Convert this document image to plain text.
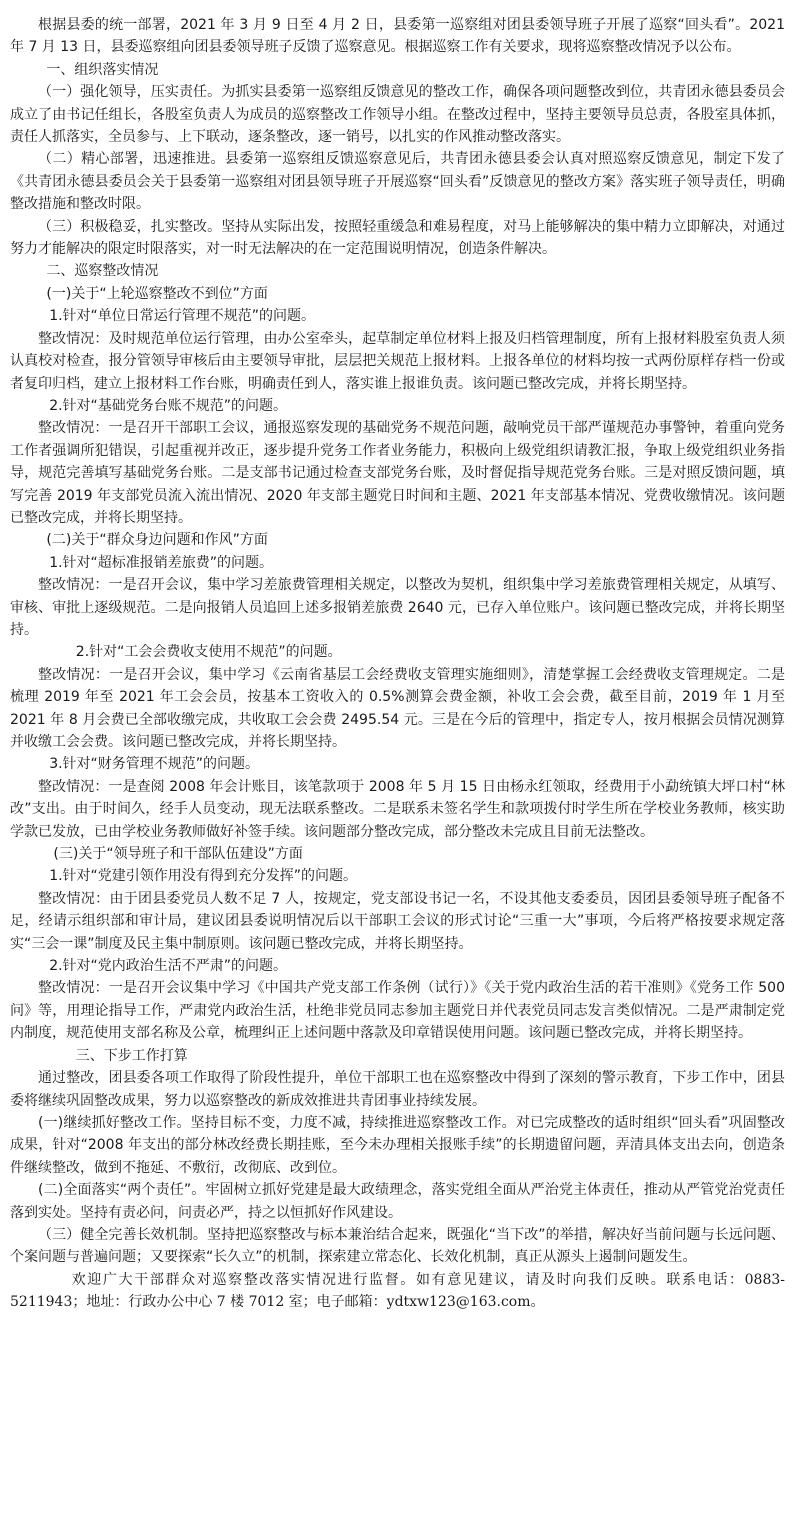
根据县委的统一部署，2021 年 3 月 9 日至 4 月 2 日，县委第一巡察组对团县委领导班子开展了巡察“回头看”。2021 年 7 月 13 日，县委巡察组向团县委领导班子反馈了巡察意见。根据巡察工作有关要求，现将巡察整改情况予以公布。

一、组织落实情况

（一）强化领导，压实责任。为抓实县委第一巡察组反馈意见的整改工作，确保各项问题整改到位，共青团永德县委员会成立了由书记任组长，各股室负责人为成员的巡察整改工作领导小组。在整改过程中，坚持主要领导员总责，各股室具体抓，责任人抓落实，全员参与、上下联动，逐条整改，逐一销号，以扎实的作风推动整改落实。

（二）精心部署，迅速推进。县委第一巡察组反馈巡察意见后，共青团永德县委会认真对照巡察反馈意见，制定下发了《共青团永德县委员会关于县委第一巡察组对团县领导班子开展巡察“回头看”反馈意见的整改方案》落实班子领导责任，明确整改措施和整改时限。

（三）积极稳妥，扎实整改。坚持从实际出发，按照轻重缓急和难易程度，对马上能够解决的集中精力立即解决，对通过努力才能解决的限定时限落实，对一时无法解决的在一定范围说明情况，创造条件解决。

二、巡察整改情况

(一)关于“上轮巡察整改不到位”方面

1.针对“单位日常运行管理不规范”的问题。

整改情况：及时规范单位运行管理，由办公室牵头，起草制定单位材料上报及归档管理制度，所有上报材料股室负责人须认真校对检查，报分管领导审核后由主要领导审批，层层把关规范上报材料。上报各单位的材料均按一式两份原样存档一份或者复印归档，建立上报材料工作台账，明确责任到人，落实谁上报谁负责。该问题已整改完成，并将长期坚持。

2.针对“基础党务台账不规范”的问题。

整改情况：一是召开干部职工会议，通报巡察发现的基础党务不规范问题，敲响党员干部严谨规范办事警钟，着重向党务工作者强调所犯错误，引起重视并改正，逐步提升党务工作者业务能力，积极向上级党组织请教汇报，争取上级党组织业务指导，规范完善填写基础党务台账。二是支部书记通过检查支部党务台账，及时督促指导规范党务台账。三是对照反馈问题，填写完善 2019 年支部党员流入流出情况、2020 年支部主题党日时间和主题、2021 年支部基本情况、党费收缴情况。该问题已整改完成，并将长期坚持。

(二)关于“群众身边问题和作风”方面

1.针对“超标准报销差旅费”的问题。

整改情况：一是召开会议，集中学习差旅费管理相关规定，以整改为契机，组织集中学习差旅费管理相关规定，从填写、审核、审批上逐级规范。二是向报销人员追回上述多报销差旅费 2640 元，已存入单位账户。该问题已整改完成，并将长期坚持。

2.针对“工会会费收支使用不规范”的问题。

整改情况：一是召开会议，集中学习《云南省基层工会经费收支管理实施细则》，清楚掌握工会经费收支管理规定。二是梳理 2019 年至 2021 年工会会员，按基本工资收入的 0.5%测算会费金额，补收工会会费，截至目前，2019 年 1 月至 2021 年 8 月会费已全部收缴完成，共收取工会会费 2495.54 元。三是在今后的管理中，指定专人，按月根据会员情况测算并收缴工会会费。该问题已整改完成，并将长期坚持。

3.针对“财务管理不规范”的问题。

整改情况：一是查阅 2008 年会计账目，该笔款项于 2008 年 5 月 15 日由杨永红领取，经费用于小勐统镇大坪口村“林改”支出。由于时间久，经手人员变动，现无法联系整改。二是联系未签名学生和款项拨付时学生所在学校业务教师，核实助学款已发放，已由学校业务教师做好补签手续。该问题部分整改完成，部分整改未完成且目前无法整改。

(三)关于“领导班子和干部队伍建设”方面

1.针对“党建引领作用没有得到充分发挥”的问题。

整改情况：由于团县委党员人数不足 7 人，按规定，党支部设书记一名，不设其他支委委员，因团县委领导班子配备不足，经请示组织部和审计局，建议团县委说明情况后以干部职工会议的形式讨论“三重一大”事项，今后将严格按要求规定落实“三会一课”制度及民主集中制原则。该问题已整改完成，并将长期坚持。

2.针对“党内政治生活不严肃”的问题。

整改情况：一是召开会议集中学习《中国共产党支部工作条例（试行）》《关于党内政治生活的若干准则》《党务工作 500 问》等，用理论指导工作，严肃党内政治生活，杜绝非党员同志参加主题党日并代表党员同志发言类似情况。二是严肃制定党内制度，规范使用支部名称及公章，梳理纠正上述问题中落款及印章错误使用问题。该问题已整改完成，并将长期坚持。

三、下步工作打算

通过整改，团县委各项工作取得了阶段性提升，单位干部职工也在巡察整改中得到了深刻的警示教育，下步工作中，团县委将继续巩固整改成果，努力以巡察整改的新成效推进共青团事业持续发展。

(一)继续抓好整改工作。坚持目标不变，力度不减，持续推进巡察整改工作。对已完成整改的适时组织“回头看”巩固整改成果，针对“2008 年支出的部分林改经费长期挂账，至今未办理相关报账手续”的长期遗留问题，弄清具体支出去向，创造条件继续整改，做到不拖延、不敷衍，改彻底、改到位。

(二)全面落实“两个责任”。牢固树立抓好党建是最大政绩理念，落实党组全面从严治党主体责任，推动从严管党治党责任落到实处。坚持有责必问，问责必严，持之以恒抓好作风建设。

（三）健全完善长效机制。坚持把巡察整改与标本兼治结合起来，既强化“当下改”的举措，解决好当前问题与长远问题、个案问题与普遍问题；又要探索“长久立”的机制，探索建立常态化、长效化机制，真正从源头上遏制问题发生。

欢迎广大干部群众对巡察整改落实情况进行监督。如有意见建议，请及时向我们反映。联系电话：0883-5211943；地址：行政办公中心 7 楼 7012 室；电子邮箱：ydtxw123@163.com。
